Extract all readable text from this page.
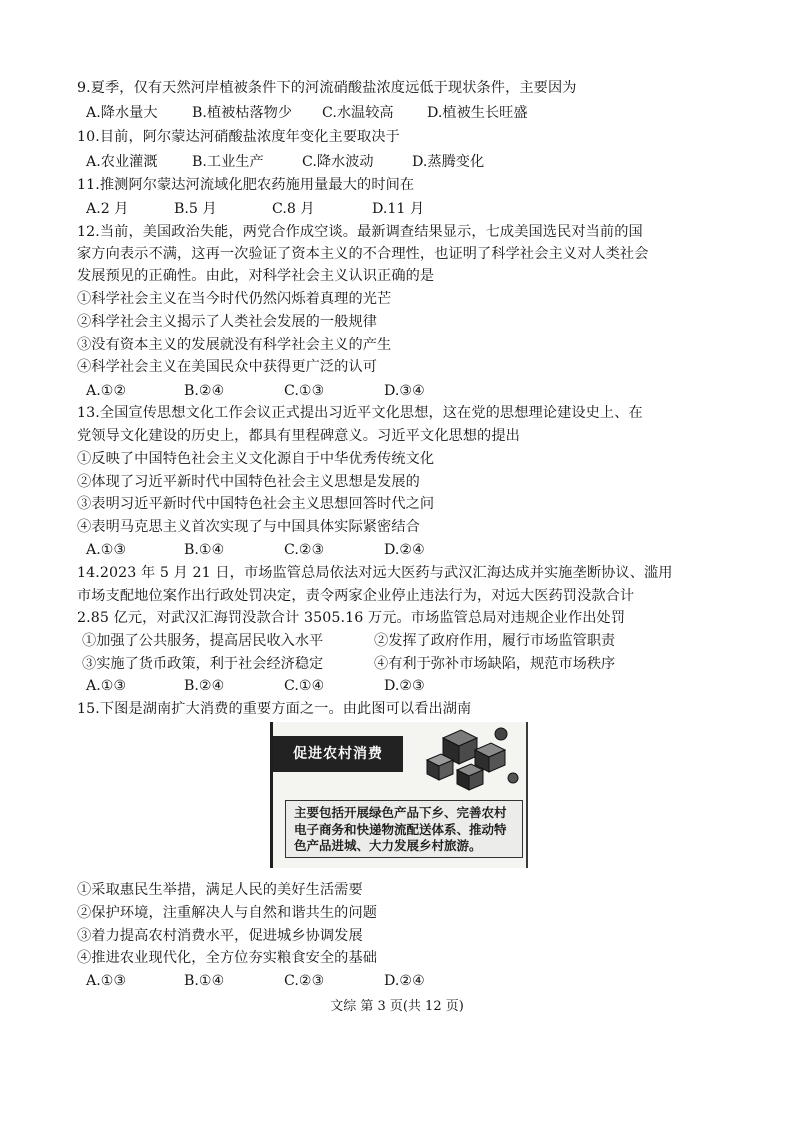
9.夏季，仅有天然河岸植被条件下的河流硝酸盐浓度远低于现状条件，主要因为
A.降水量大 B.植被枯落物少 C.水温较高 D.植被生长旺盛
10.目前，阿尔蒙达河硝酸盐浓度年变化主要取决于
A.农业灌溉 B.工业生产	C.降水波动	D.蒸腾变化
11.推测阿尔蒙达河流域化肥农药施用量最大的时间在
A.2 月	B.5 月	C.8 月	D.11 月
12.当前，美国政治失能，两党合作成空谈。最新调查结果显示，七成美国选民对当前的国
家方向表示不满，这再一次验证了资本主义的不合理性，也证明了科学社会主义对人类社会
发展预见的正确性。由此，对科学社会主义认识正确的是
①科学社会主义在当今时代仍然闪烁着真理的光芒
②科学社会主义揭示了人类社会发展的一般规律
③没有资本主义的发展就没有科学社会主义的产生
④科学社会主义在美国民众中获得更广泛的认可
A.①②	B.②④	C.①③	D.③④
13.全国宣传思想文化工作会议正式提出习近平文化思想，这在党的思想理论建设史上、在
党领导文化建设的历史上，都具有里程碑意义。习近平文化思想的提出
①反映了中国特色社会主义文化源自于中华优秀传统文化
②体现了习近平新时代中国特色社会主义思想是发展的
③表明习近平新时代中国特色社会主义思想回答时代之问
④表明马克思主义首次实现了与中国具体实际紧密结合
A.①③	B.①④	C.②③	D.②④
14.2023 年 5 月 21 日，市场监管总局依法对远大医药与武汉汇海达成并实施垄断协议、滥用
市场支配地位案作出行政处罚决定，责令两家企业停止违法行为，对远大医药罚没款合计
2.85 亿元，对武汉汇海罚没款合计 3505.16 万元。市场监管总局对违规企业作出处罚
①加强了公共服务，提高居民收入水平	②发挥了政府作用，履行市场监管职责
③实施了货币政策，利于社会经济稳定	④有利于弥补市场缺陷，规范市场秩序
A.①③	B.②④	C.①④	D.②③
15.下图是湖南扩大消费的重要方面之一。由此图可以看出湖南
促进农村消费
主要包括开展绿色产品下乡、完善农村电子商务和快递物流配送体系、推动特色产品进城、大力发展乡村旅游。
①采取惠民生举措，满足人民的美好生活需要
②保护环境，注重解决人与自然和谐共生的问题
③着力提高农村消费水平，促进城乡协调发展
④推进农业现代化，全方位夯实粮食安全的基础
A.①③	B.①④	C.②③	D.②④
文综 第 3 页(共 12 页)
